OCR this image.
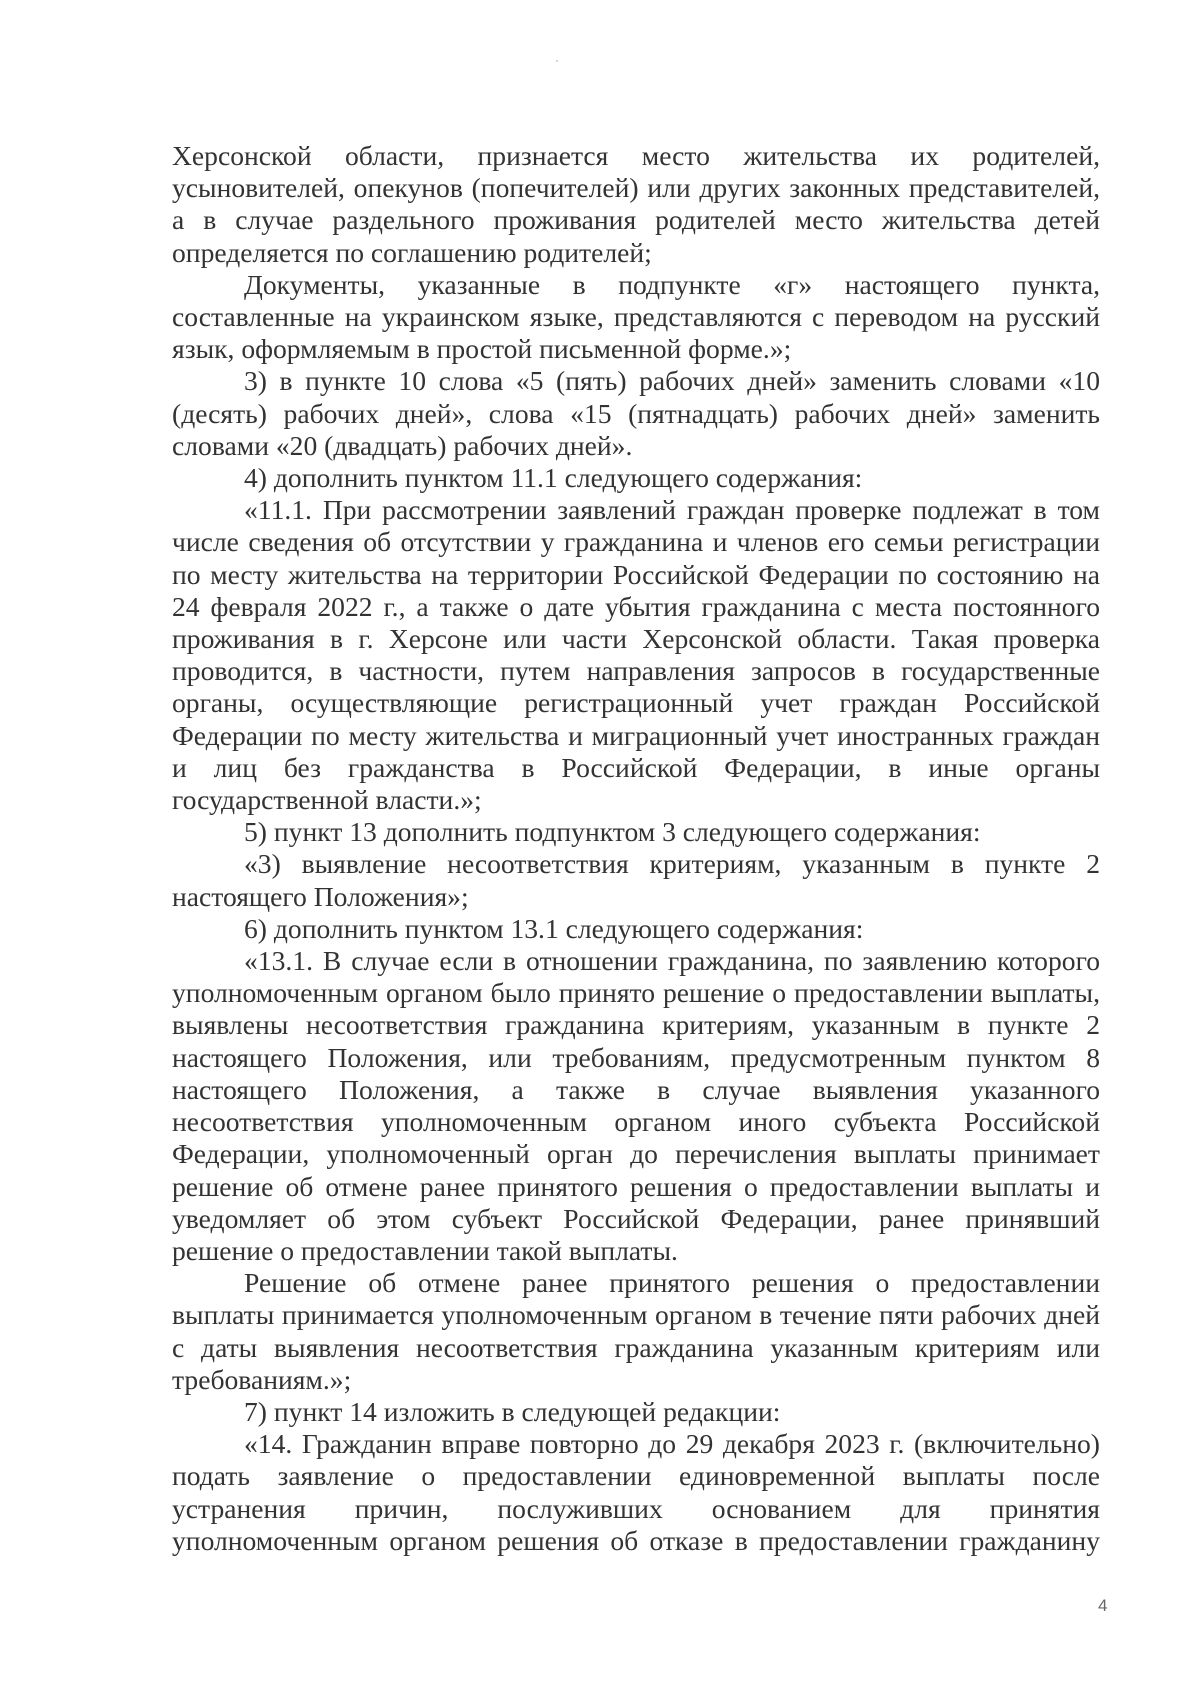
Херсонской области, признается место жительства их родителей, усыновителей, опекунов (попечителей) или других законных представителей, а в случае раздельного проживания родителей место жительства детей определяется по соглашению родителей;

Документы, указанные в подпункте «г» настоящего пункта, составленные на украинском языке, представляются с переводом на русский язык, оформляемым в простой письменной форме.»;

3) в пункте 10 слова «5 (пять) рабочих дней» заменить словами «10 (десять) рабочих дней», слова «15 (пятнадцать) рабочих дней» заменить словами «20 (двадцать) рабочих дней».

4) дополнить пунктом 11.1 следующего содержания:

«11.1. При рассмотрении заявлений граждан проверке подлежат в том числе сведения об отсутствии у гражданина и членов его семьи регистрации по месту жительства на территории Российской Федерации по состоянию на 24 февраля 2022 г., а также о дате убытия гражданина с места постоянного проживания в г. Херсоне или части Херсонской области. Такая проверка проводится, в частности, путем направления запросов в государственные органы, осуществляющие регистрационный учет граждан Российской Федерации по месту жительства и миграционный учет иностранных граждан и лиц без гражданства в Российской Федерации, в иные органы государственной власти.»;

5) пункт 13 дополнить подпунктом 3 следующего содержания:

«3) выявление несоответствия критериям, указанным в пункте 2 настоящего Положения»;

6) дополнить пунктом 13.1 следующего содержания:

«13.1. В случае если в отношении гражданина, по заявлению которого уполномоченным органом было принято решение о предоставлении выплаты, выявлены несоответствия гражданина критериям, указанным в пункте 2 настоящего Положения, или требованиям, предусмотренным пунктом 8 настоящего Положения, а также в случае выявления указанного несоответствия уполномоченным органом иного субъекта Российской Федерации, уполномоченный орган до перечисления выплаты принимает решение об отмене ранее принятого решения о предоставлении выплаты и уведомляет об этом субъект Российской Федерации, ранее принявший решение о предоставлении такой выплаты.

Решение об отмене ранее принятого решения о предоставлении выплаты принимается уполномоченным органом в течение пяти рабочих дней с даты выявления несоответствия гражданина указанным критериям или требованиям.»;

7) пункт 14 изложить в следующей редакции:

«14. Гражданин вправе повторно до 29 декабря 2023 г. (включительно) подать заявление о предоставлении единовременной выплаты после устранения причин, послуживших основанием для принятия уполномоченным органом решения об отказе в предоставлении гражданину

4
